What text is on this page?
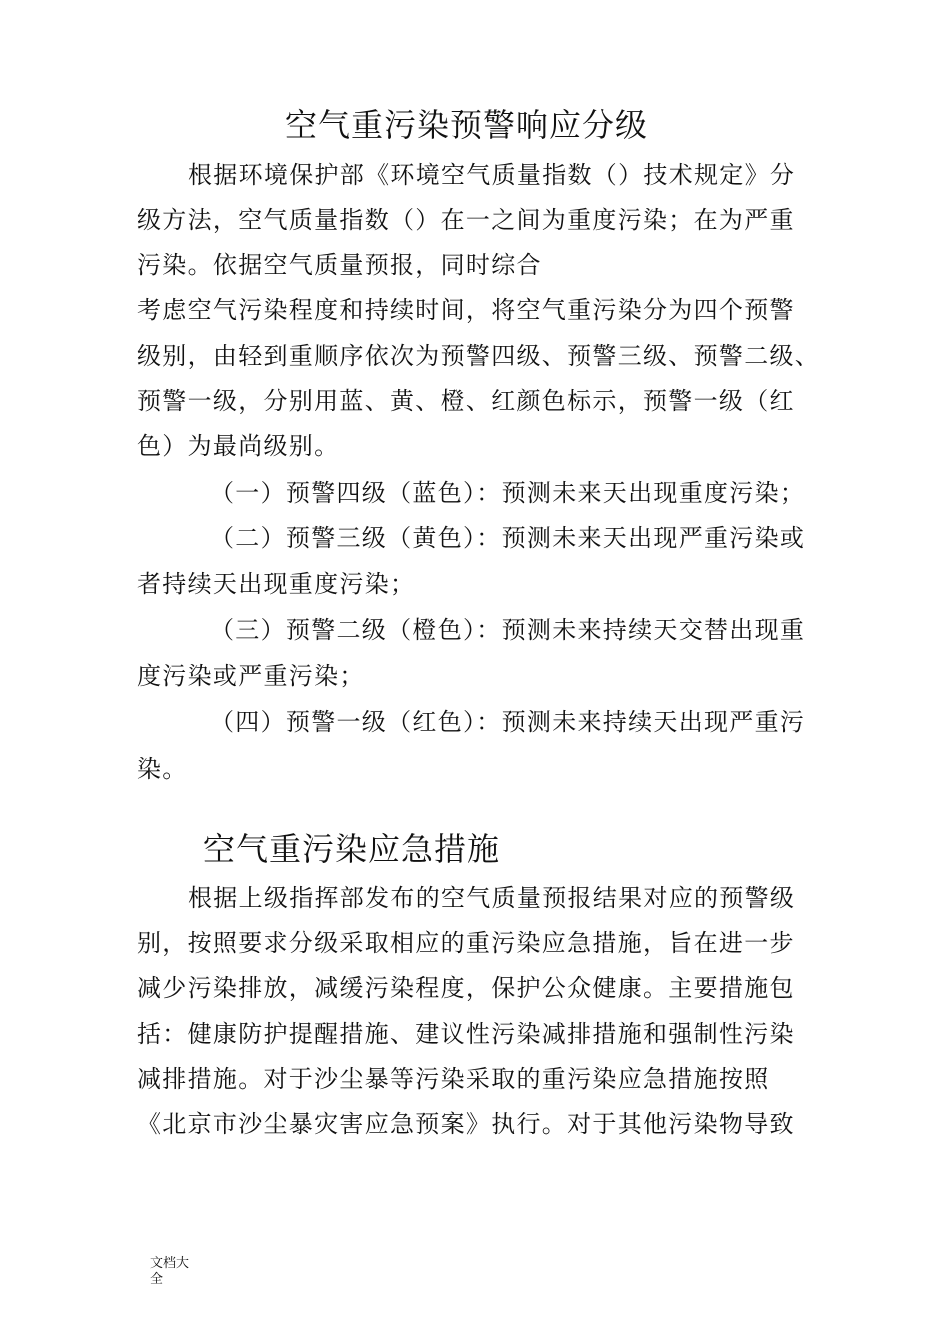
空气重污染预警响应分级
根据环境保护部《环境空气质量指数（）技术规定》分
级方法，空气质量指数（）在一之间为重度污染；在为严重
污染。依据空气质量预报，同时综合
考虑空气污染程度和持续时间，将空气重污染分为四个预警
级别，由轻到重顺序依次为预警四级、预警三级、预警二级、
预警一级，分别用蓝、黄、橙、红颜色标示，预警一级（红
色）为最尚级别。
（一）预警四级（蓝色）：预测未来天出现重度污染；
（二）预警三级（黄色）：预测未来天出现严重污染或
者持续天出现重度污染；
（三）预警二级（橙色）：预测未来持续天交替出现重
度污染或严重污染；
（四）预警一级（红色）：预测未来持续天出现严重污
染。
空气重污染应急措施
根据上级指挥部发布的空气质量预报结果对应的预警级
别，按照要求分级采取相应的重污染应急措施，旨在进一步
减少污染排放，减缓污染程度，保护公众健康。主要措施包
括：健康防护提醒措施、建议性污染减排措施和强制性污染
减排措施。对于沙尘暴等污染采取的重污染应急措施按照
《北京市沙尘暴灾害应急预案》执行。对于其他污染物导致
文档大全
